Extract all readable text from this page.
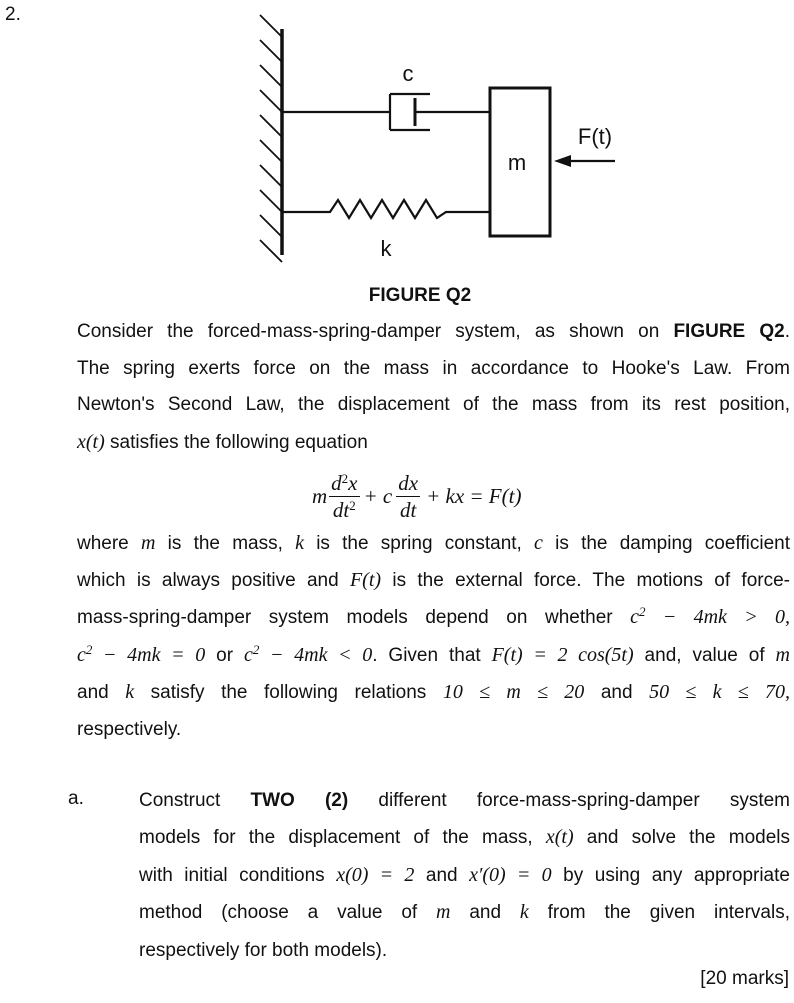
2.
c
m
F(t)
k
FIGURE Q2
Consider the forced-mass-spring-damper system, as shown on FIGURE Q2.
The spring exerts force on the mass in accordance to Hooke's Law. From
Newton's Second Law, the displacement of the mass from its rest position,
x(t) satisfies the following equation
m $\frac{d^2x}{dt^2} + c \frac{dx}{dt}$ + kx = F(t)
where m is the mass, k is the spring constant, c is the damping coefficient
which is always positive and F(t) is the external force. The motions of force-
mass-spring-damper system models depend on whether $c^2 - 4mk > 0$,
$c^2 - 4mk = 0$ or $c^2 - 4mk < 0$. Given that F(t) = 2 cos(5t) and, value of m
and k satisfy the following relations 10 ≤ m ≤ 20 and 50 ≤ k ≤ 70,
respectively.
a.	Construct TWO (2) different force-mass-spring-damper system
models for the displacement of the mass, x(t) and solve the models
with initial conditions x(0) = 2 and x′(0) = 0 by using any appropriate
method (choose a value of m and k from the given intervals,
respectively for both models).
[20 marks]
